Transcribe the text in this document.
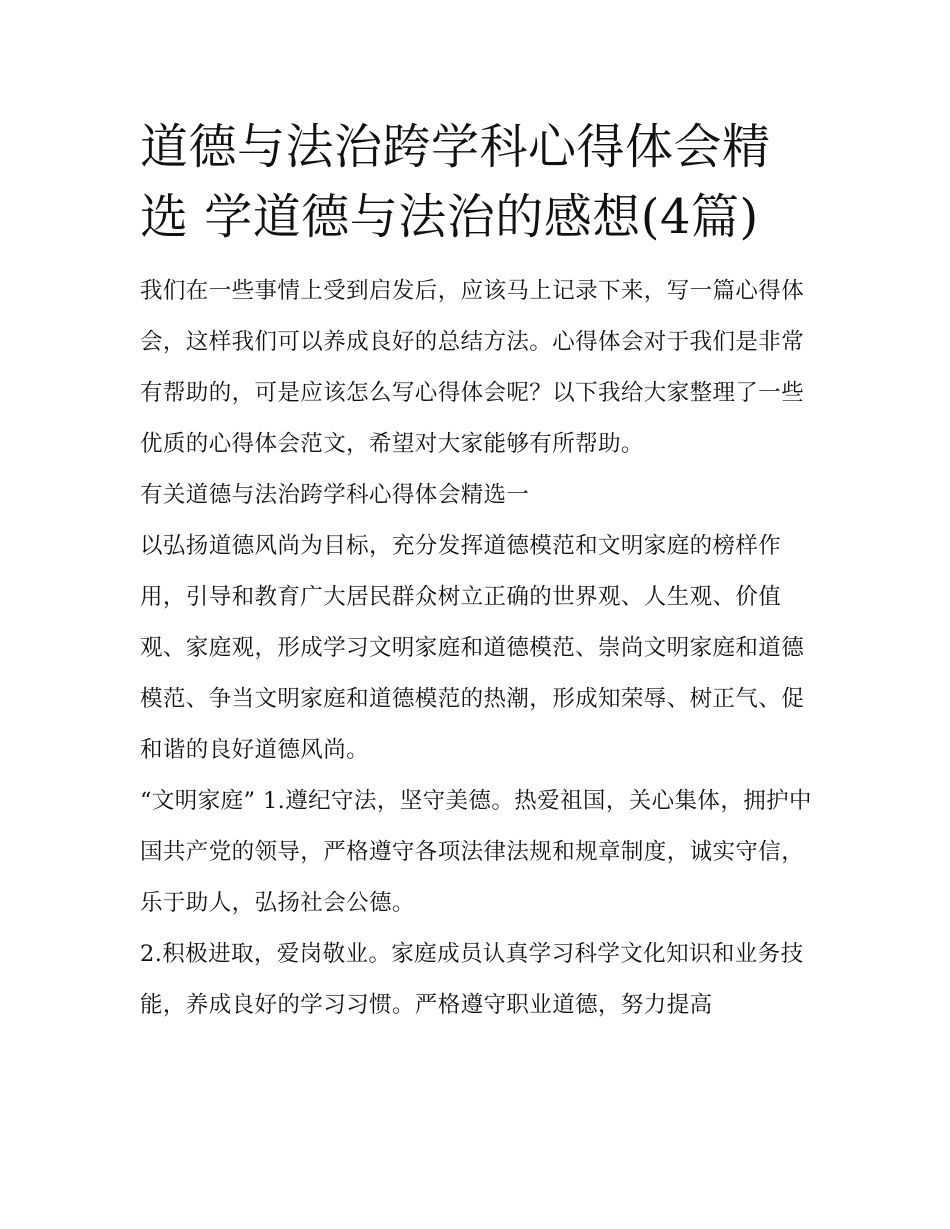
道德与法治跨学科心得体会精选 学道德与法治的感想(4篇)

我们在一些事情上受到启发后，应该马上记录下来，写一篇心得体会，这样我们可以养成良好的总结方法。心得体会对于我们是非常有帮助的，可是应该怎么写心得体会呢？以下我给大家整理了一些优质的心得体会范文，希望对大家能够有所帮助。

有关道德与法治跨学科心得体会精选一

以弘扬道德风尚为目标，充分发挥道德模范和文明家庭的榜样作用，引导和教育广大居民群众树立正确的世界观、人生观、价值观、家庭观，形成学习文明家庭和道德模范、崇尚文明家庭和道德模范、争当文明家庭和道德模范的热潮，形成知荣辱、树正气、促和谐的良好道德风尚。

“文明家庭” 1.遵纪守法，坚守美德。热爱祖国，关心集体，拥护中国共产党的领导，严格遵守各项法律法规和规章制度，诚实守信，乐于助人，弘扬社会公德。

2.积极进取，爱岗敬业。家庭成员认真学习科学文化知识和业务技能，养成良好的学习习惯。严格遵守职业道德，努力提高
